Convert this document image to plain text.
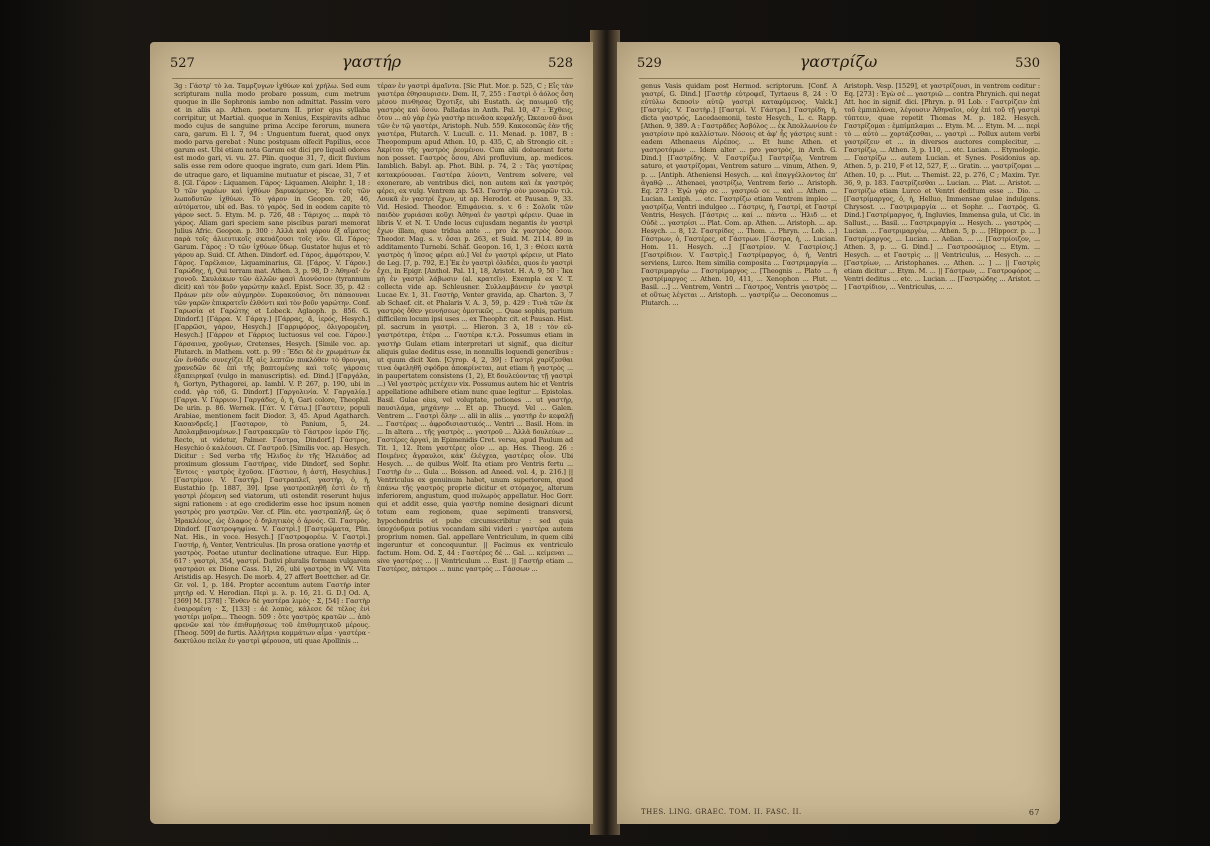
527	γαστήρ	528
3g : Γάστρ' τὸ λα. Ταμρζυγων ἱχθύων καὶ χρήλω. Sed eum scripturam nulla modo probare possum, cum metrum quoque in ille Sophronis iambo non admittat. Passim vero et in aliis ap. Athen. poetarum II. prior ejus syllaba corripitur, ut Martial. quoque in Xenius, Exspiravits adhuc modo cujus de sanguine prima Accipe ferorum, munera cara, garum. Ei l. 7, 94 : Unguentum fuerat, quod onyx modo parva gerebat : Nunc postquam olfecit Papilius, ecce garum est. Ubi etiam nota Garum est dici pro liquali odores est modo gari, vi. vu. 27. Plin. quoque 31, 7, dicit fluvium salis esse rem odore quoque ingrato, cum gari. Idem Plin. de utraque garo, et liquamine mutuatur et piscae, 31, 7 et 8. [Gl. Γάρον : Liquamen. Γάρος· Liquamen. Aleiphr. 1, 18 : Ὁ τῶν γαρέων καὶ ἰχθύων βαρυκόμενος. Ἐν τοῖς τῶν λωποδυτῶν ἰχθύων. Τὸ γάρον in Geopon. 20, 46, αὐτόματον, ubi ed. Bas. τὸ γαρὸς. Sed in eodem capite τὸ γάρον sect. 5. Etym. M. p. 726, 48 : Τάριχος ... παρὰ τὸ γάρος. Aliam gari speciem sane piscibus parari memorat Julius Afric. Geopon. p. 300 : Ἀλλὰ καὶ γάρου ἐξ αἵματος παρὰ τοῖς ἀλιευτικοῖς σκευάζουσι τοῖς νῦν. Gl. Γάρος· Garum. Γάρος : Ὁ τῶν ἰχθύων ὕδωρ. Gustator hujus et τὸ γάρου ap. Suid. Cf. Athen. Dindorf. ed. Γάρος, ἀμφότερον, V. Γάρος. Γαρέλαιον, Liquaminarius, Gl. [Γάρος. V. Γάρον.] Γαρώδης, ἡ, Qui terram mat. Athen. 3, p. 98, D : Ἀθηναῖ· ἐν χιονοῦ. Σκυλάκων τῶν ἀλλῶν φασὶ Διονύσιον (tyrannum dicit) καὶ τὸν βοῦν γαρώτην καλεῖ. Epist. Socr. 35, p. 42 : Πράων μὲν οὖν αὐγμηρὸν. Συρακούσιος, ὅτι πάπαουναι τῶν γαρῶν ἐπικρατεῖν ἐλθόντι καὶ τὸν βοῦν γαρώτην. Conf. Γαρωσία et Γαρώτης et Lobeck. Aglaoph. p. 856. G. Dindorf.] [Γάρρα. V. Γάραγ.] [Γάρρας, ᾶ, ἱερός, Hesych.] [Γαρρῶσι, γάρον, Hesych.] [Γαρριφόρος, ὀλιγορομένη, Hesych.] [Γάρρον et Γάρριος luctuosus vel coe. Γάρον.] Γάρσαινα, χροῦγων, Cretenses, Hesych. [Simile voc. ap. Plutarch. in Mathem. vott. p. 99 : Ἔδει δὲ ἐν χρωμάτων ἐκ ὧν ἐνθάδε συνεχίζει ἔξ αἰς λεπτῶν πυκλόθεν τὸ θρονγαι, χρανεδῶν δὲ ἐπὶ τῆς βαπτομένης καὶ τοῖς γάρσαις ἐξαπειρηκαῖ (vulgo in manuscriptis). ed. Dind.] [Γαργάλα, ἡ, Gortyn, Pythagorei, ap. Iambl. V. P. 267, p. 190, ubi in codd. γὰρ τόδ, G. Dindorf.] [Γαργολινία. V. Γαργαλίᾳ.] [Γαργα. V. Γάρριον.] Γαργάδες, ὁ, ἡ, Gari colore, Theophil. De urin. p. 86. Wernek. [Γάτ. V. Γάτω.] [Γαστειν, populi Arabiae, mentionem facit Diodor. 3, 45. Apud Agatharch. Κασανδρεῖς.] [Γασταρον, τὸ Panium, 5, 24. Ἀπολαμβανομένων.] Γαστρακεμῶν τὸ Γάστρον ἱερόν Γῆς. Recte, ut videtur, Palmer. Γάστρα, Dindorf.] Γάστρος, Hesychio ὁ καλέουσι. Cf. Γαστροῦ. [Similis voc. ap. Hesych. Dicitur : Sed verba τῆς Ἠλιδος ἐν τῆς Ἠλειάδος ad proximum glossum Γαστήρας, vide Dindorf, sed Sophr. Ἔντοις · γαστρὸς ἐχοῦσα. [Γάστιον, ἡ ἀστή, Hesychius.] [Γαστρίμον. V. Γαστήρ.] Γαστραπλεῖ, γαστήρ, ὁ, ἡ, Eustathio [p. 1887, 39]. Ipse γαστροπληθῆ ἐστὶ ἐν τῇ γαστρὶ ῥέομενη sed viatorum, uti ostendit reserunt hujus signi rationem : at ego crediderim esse hoc ipsum nomen γαστρὸς pro γαστρῶν. Ver. cf. Plin. etc. γαστραπλήξ. ὡς ὁ Ἡρακλέους, ὡς ἐλαφος ὁ δηλητικὸς ὁ ἀρνός. Gl. Γαστρὸς. Dindorf. [Γαστροψηφίνα. V. Γαστρὶ.] [Γαστρώματα, Plin. Nat. His., in voce. Hesych.] [Γαστροφορέω. V. Γαστρὶ.] Γαστήρ, ἡ, Venter, Ventriculus. [In prosa oratione γαστὴρ et γαστρὸς. Poetae utuntur declinatione utraque. Eur. Hipp. 617 : γαστρὶ, 354, γαστρί. Dativi pluralis formam vulgarem γαστράσι ex Dione Cass. 51, 26, ubi γαστρὸς in VV. Vita Aristidis ap. Hesych. De morb. 4, 27 affert Boettcher. ad Gr. Gr. vol. 1, p. 184. Propter accentum autem Γαστὴρ inter μητὴρ ed. V. Herodian. Περὶ μ. λ. p. 16, 21. G. D.] Od. A, [369] M. [378] : Ἔνθεν δὲ γαστέρα λιμὸς · Σ, [54] : Γαστὴρ ἐναιρομένη · Σ, [133] : ἀὲ λοπὸς, κάλεσε δὲ τέλος ἐνὶ γαστέρι μοῖρα... Theogn. 509 : ὅτε γαστρὸς κρατῶν ... ἀπὸ φρενῶν καὶ τὸν ἐπιθυμήσεως τοῦ ἐπιθυμητικοῦ μέρους. [Theog. 509] de furtis. Ἀλλήτρια κομμάτων αἶμα · γαστέρα · δακτύλου πείλα ἐν γαστρὶ φέρουσα, uti quae Apollinis ...
τέραν ἐν γαστρὶ ἀμαῖντα. [Sic Plut. Mor. p. 525, C ; Εἶς τὰν γαστέρα ἐθησαυρισεν. Dem. II, 7, 255 : Γαστρὶ ὁ ἀόλος ὅση μέσου πινθησας Ὀχοτιξε, ubi Eustath. ὡς παιωμοῦ τῆς γαστρὸς καὶ ὅσου. Palladas in Anth. Pal. 10, 47 : Ἐχθεις, ὅτου ... αὐ γὰρ ἐγὼ γαστὴρ πεινᾶσα κεφαλῆς. Ὠκεανοῦ ἄνοι τῶν ἐν τῷ γαστέρι, Aristoph. Nub. 559. Κακοεοπῶς ἐὰν τῆς γαστέρα, Plutarch. V. Lucull. c. 11. Menad. p. 1087, B : Theopompum apud Athen. 10, p. 435, C, ab Strongio cit. : Ἀκρίτου τῆς γαστρὸς ῥεομένου. Cum alii doluerant forte non posset. Γαστρὸς ὅσου, Alvi profluvium, ap. medicos. Iamblich. Babyl. ap. Phot. Bibl. p. 74, 2 : Τὰς γαστέρας κατακρύουσαι. Γαστέρα λύοντι, Ventrem solvere, vel exonerare, ab ventribus dici, non autem καὶ ἐκ γαστρὸς φέρει, ex vulg. Ventrem ap. 543. Γαστὴρ σὸν μοναρῶν τιλ. Λουκᾶ ἐν γαστρί ἔχων, ut ap. Herodot. et Pausan. 9, 33. Vid. Hesiod. Theodor. Ἐπιφάνεια. s. v. 6 : Σολοῖκ τῶν παιδὸν χυριάσαι κοῦχι Ἀθηναὶ ἐν γαστρὶ φέρειν. Quae in libris V. et N. T. Unde locus cujusdam negantis ἐν γαστρὶ ἔχων illam, quae tridua ante ... pro ἐκ γαστρὸς ὅσου. Theodor. Mag. s. v. ὄσαι p. 263, et Suid. M. 2114. 89 in additamento Turnebi. Schäf. Geopon. 16, 1, 3 : Θέσει κατὰ γαστρὸς ἡ ἵπσος φέρει αὐ.] Vel ἐν γαστρὶ φέρειν, ut Plato de Leg. [7, p. 792, E.] Ἐκ ἐν γαστρὶ ὀλιδέει, quos ἐν γαστρὶ ἔχει, in Epigr. [Anthol. Pal. 11, 18, Aristot. H. A. 9, 50 : Ἰκα μὴ ἐν γαστρὶ λάβωσιν (al. κρατεῖν). Exempla ex V. T. collecta vide ap. Schleusner. Συλλαμβάνειν ἐν γαστρὶ Lucae Ev. 1, 31. Γαστὴρ, Venter gravida, ap. Charton. 3, 7 ab Schaef. cit. et Phalaris V. A. 3, 59, p. 429 : Τινὰ τῶν ἐκ γαστρὸς ὅθεν γεννήσεως ὁμοτικῶς ... Quae sophis, parium difficilem locum ipsi uses ... ex Theophr. cit. et Pausan. Hist. pl. sacrum in γαστρὶ. ... Hieron. 3 λ, 18 : τὸν εὐ-γαστρότερα, ἑτέρα ... Γαστέρα κ.τ.λ. Possumus etiam in γαστὴρ Gulam etiam interpretari ut signif., qua dicitur aliquis gulae deditus esse, in nonnullis loquendi generibus : ut quum dicit Xen. [Cyrop. 4, 2, 39] : Γαστρὶ χαρίζεσθαι τινα ὀφεληθῆ σφόδρα ἀποκρίνεται, aut etiam ἢ γαστρὸς ... in paupertatem consistens (1, 2), Et δουλεύοντας τῇ γαστρὶ ...) Vel γαστρὸς μετέχειν vix. Possumus autem hic et Ventris appellatione adhibere etiam nunc quae legitur ... Epistolas. Basil. Gulae eius, vel voluptate, potiones ... ut γαστὴρ, παυσιλάμα, μηχάνην ... Et ap. Thucyd. Vel ... Galen. Ventrem ... Γαστρὶ ὅλην ... alii in aliis ... γαστὴρ ἐν κεφαλῇ ... Γαστέρας ... ἀφροδισιαστικός... Ventri ... Basil. Hom. in ... In altera ... τῆς γαστρὸς ... γαστροῦ ... Ἀλλὰ δουλεύων ... Γαστέρες ἀργαὶ, in Epimenidis Cret. versu, apud Paulum ad Tit. 1, 12. Item γαστέρες οἶον ... ap. Hes. Theog. 26 : Ποιμένες ἄγραυλοι, κάκ' ἐλέγχεα, γαστέρες οἶον. Ubi Hesych. ... de quibus Wolf. Ita etiam pro Ventris fertu ... Γαστὴρ ἐν ... Gula ... Boisson. ad Aneed. vol. 4, p. 216.] || Ventriculus ex genuinum habet, unum superiorem, quod ἐπάνω τῆς γαστρὸς proprie dicitur et στόμαχος, alterum inferiorem, angustum, quod πυλωρὸς appellatur. Hoc Gorr. qui et addit esse, quia γαστὴρ nomine designari dicunt totum eam regionem, quae sepimenti transversi, hypochondriis et pube circumscribitur : sed quia ὑποχόνδρια potius vocandam sibi videri : γαστέρα autem proprium nomen. Gal. appellare Ventriculum, in quem cibi ingeruntur et concoquuntur. || Facimus ex ventriculo factum. Hom. Od. Σ, 44 : Γαστέρες δέ ... Gal. ... κείμεναι ... sive γαστέρες ... || Ventriculum ... Eust. || Γαστήρ etiam ... Γαστέρες, πάτεροι ... nunc γαστρὸς ... Γάσσων ...
529	γαστρίζω	530
genus Vasis quidam post Hermod. scriptorum. [Conf. A γαστρί, G. Dind.] [Γαστὴρ εὐτροφεῖ, Tyrtaeus 8, 24 : Ὁ εὐτύλω δεποσὶν αὐτῷ γαστρὶ καταφύμενος. Valck.] [Γαστρὶς. V. Γαστὴρ.] [Γαστρί. V. Γάστρα.] Γαστρίδη, ἡ, dicta γαστρός, Lacedaemonii, teste Hesych., L. c. Rapp. [Athen. 9, 389. A : Γαστρᾶδες Ἀσβόλος ... ἐκ Ἀπολλωνίου ἐν γαστρίσιν πρὸ καλλίστων. Νόσοις et ἀφ' ἧς γάστρις sunt : eadem Athenaeus Αἰρέπος. ... Et hunc Athen. et γαστροτόμων ... Idem alter ... pro γαστρὸς, in Arch. G. Dind.] [Γαστρίδης. V. Γαστρίζω.] Γαστρίζω, Ventrem saturo, et γαστρίζομαι, Ventrem saturo ... vinum, Athen. 9, p. ... [Antiph. Atheniensi Hesych. ... καὶ ἐπαγγέλλοντος ἐπ' ἀγαθῷ ... Athenaei, γαστρίζω, Ventrem ferio ... Aristoph. Eq. 273 : Ἐγὼ γάρ σε ... γαστριῶ σε ... καὶ ... Athen. ... Lucian. Lexiph. ... etc. Γαστρίζω etiam Ventrem impleo ... γαστρίζω, Ventri indulgeo ... Γάστρις, ἡ, Γαστρί, et Γαστρί Ventris, Hesych. [Γάστρις ... καί ... πάντα ... Ἠλιδ ... et Οὐδὲ ... γαστρίσι ... Plat. Com. ap. Athen. ... Aristoph. ... ap. Hesych. ... 8, 12. Γαστρίδες ... Thom. ... Phryn. ... Lob. ...] Γάστρων, ὁ, Γαστέρες, et Γάστρων. [Γάστρα, ἡ, ... Lucian. Hom. 11. Hesych. ...] [Γαστρίον. V. Γαστρίσις.] [Γαστρίδιον. V. Γαστρὶς.] Γαστρίμαργος, ὁ, ἡ, Ventri serviens, Lurco. Item similia composita ... Γαστριμαργία ... Γαστριμαργέω ... Γαστρίμαργος ... [Theognis ... Plato ... ἡ γαστρίμαργος ... Athen. 10, 411, ... Xenophon ... Plut. ... Basil. ...] ... Ventrem, Ventri ... Γάστρος, Ventris γαστρὸς ... et οὕτως λέγεται ... Aristoph. ... γαστρίζω ... Oeconomus ... Plutarch. ...
Aristoph. Vesp. [1529], et γαστρίζουσι, in ventrem ceditur : Eq. [273] : Ἐγὼ σέ ... γαστριῶ ... contra Phrynich. qui negat Att. hoc in signif. dici. [Phryn. p. 91 Lob. : Γαστρίζειν ἐπὶ τοῦ ἐμπιπλάναι, λέγουσιν Ἀθηναῖοι, οὐχ ἐπὶ τοῦ τῇ γαστρὶ τύπτειν, quae repetit Thomas M. p. 182. Hesych. Γαστρίζομαι : ἐμπίμπλαμαι ... Etym. M. ... Etym. M. ... περὶ τὸ ... αὐτὸ ... χορτάζεσθαι, ... γαστρὶ ... Pollux autem verbi γαστρίζειν et ... in diversos auctores complecitur, ... Γαστρίζω, ... Athen. 3, p. 110, ... etc. Lucian. ... Etymologic. ... Γαστρίζω ... autem Lucian. et Synes. Posidonius ap. Athen. 5, p. 210, F et 12, 527, F, ... Gratin. ... γαστρίζομαι ... Athen. 10, p. ... Plut. ... Themist. 22, p. 276, C ; Maxim. Tyr. 36, 9, p. 183. Γαστρίζεσθαι ... Lucian. ... Plat. ... Aristot. ... Γαστρίζω etiam Lurco et Ventri deditum esse ... Dio. ... [Γαστρίμαργος, ὁ, ἡ, Helluo, Immensae gulae indulgens. Chrysost. ... Γαστριμαργία ... et Sophr. ... Γαστρὸς. G. Dind.] Γαστρίμαργος, ἡ, Ingluvies, Immensa gula, ut Cic. in Sallust., ... Basil. ... Γαστριμαργία ... Hesych. ... γαστρὸς ... Lucian. ... Γαστριμαργέω, ... Athen. 5, p. ... [Hippocr. p. ... ] Γαστρίμαργος, ... Lucian. ... Aelian. ... ... [Γαστρίοιζον, ... Athen. 3, p. ... G. Dind.] ... Γαστροσώμιος ... Etym. ... Hesych. ... et Γαστρὶς ... || Ventriculus, ... Hesych. ... ... [Γαστρίων, ... Aristophanes. ... Athen. ... ] ... || Γαστρὶς etiam dicitur ... Etym. M. ... || Γάστρων, ... Γαστροφόρος ... Ventri deditus ... etc. ... Lucian. ... [Γαστρώδης ... Aristot. ... ] Γαστρίδιον, ... Ventriculus, ... ...
THES. LING. GRAEC. TOM. II. FASC. II.	67
